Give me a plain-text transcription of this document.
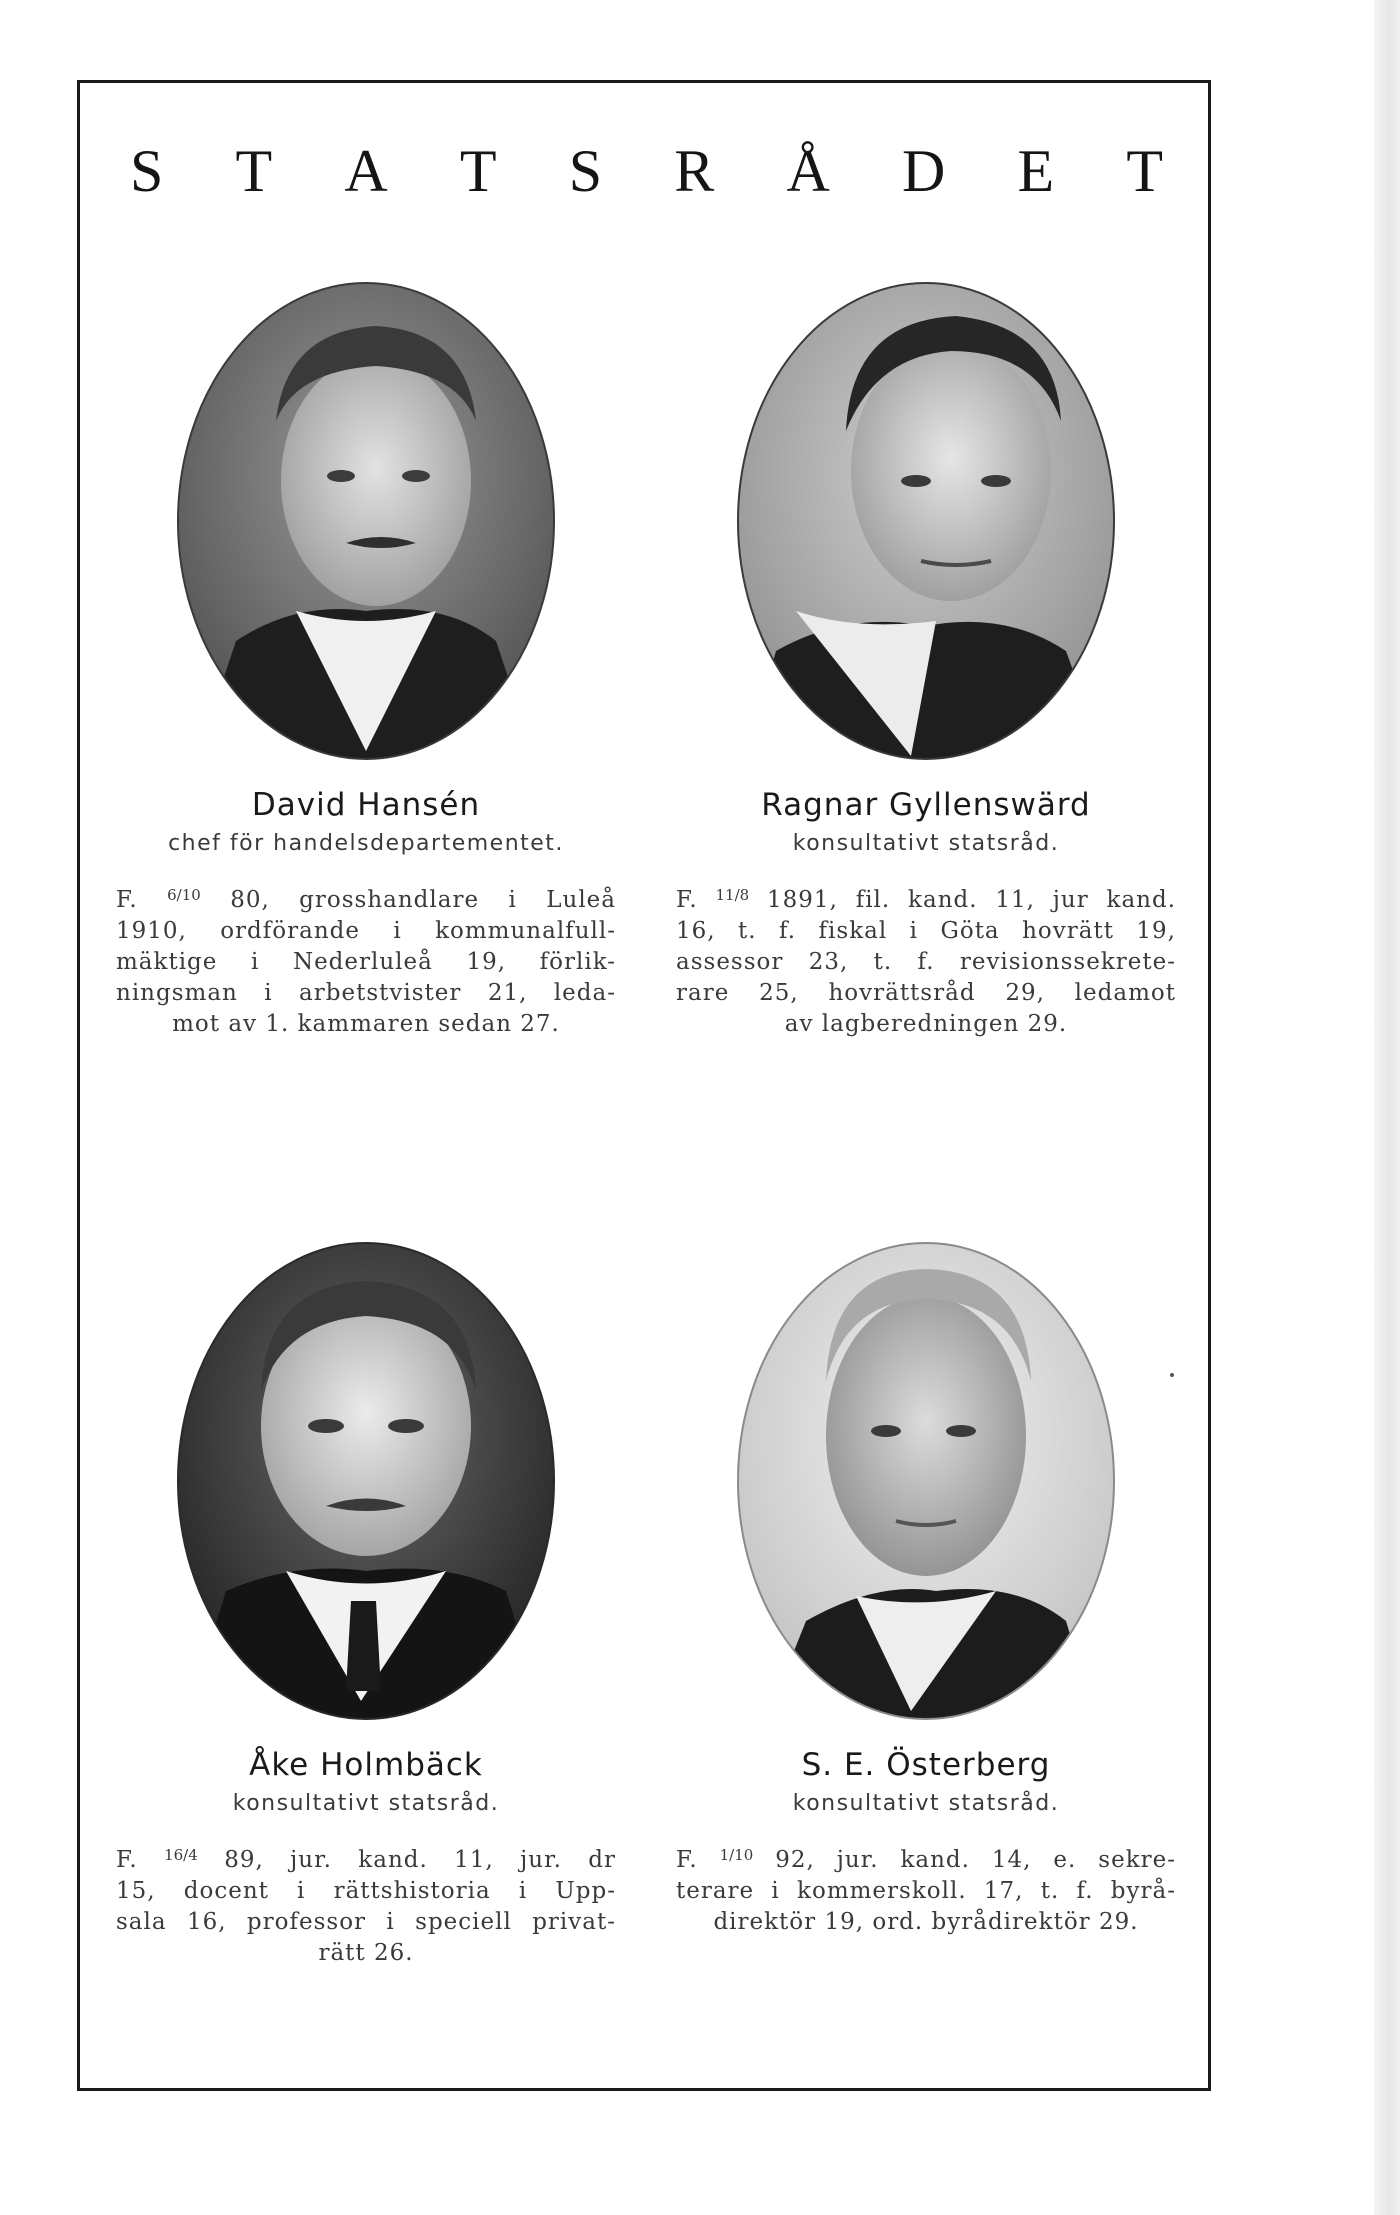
S T A T S R Å D E T
David Hansén
chef för handelsdepartementet.
F. $^{6/10}$ 80, grosshandlare i Luleå
1910, ordförande i kommunalfull-
mäktige i Nederluleå 19, förlik-
ningsman i arbetstvister 21, leda-
mot av 1. kammaren sedan 27.
Ragnar Gyllenswärd
konsultativt statsråd.
F. $^{11/8}$ 1891, fil. kand. 11, jur kand.
16, t. f. fiskal i Göta hovrätt 19,
assessor 23, t. f. revisionssekrete-
rare 25, hovrättsråd 29, ledamot
av lagberedningen 29.
Åke Holmbäck
konsultativt statsråd.
F. $^{16/4}$ 89, jur. kand. 11, jur. dr
15, docent i rättshistoria i Upp-
sala 16, professor i speciell privat-
rätt 26.
S. E. Österberg
konsultativt statsråd.
F. $^{1/10}$ 92, jur. kand. 14, e. sekre-
terare i kommerskoll. 17, t. f. byrå-
direktör 19, ord. byrådirektör 29.
